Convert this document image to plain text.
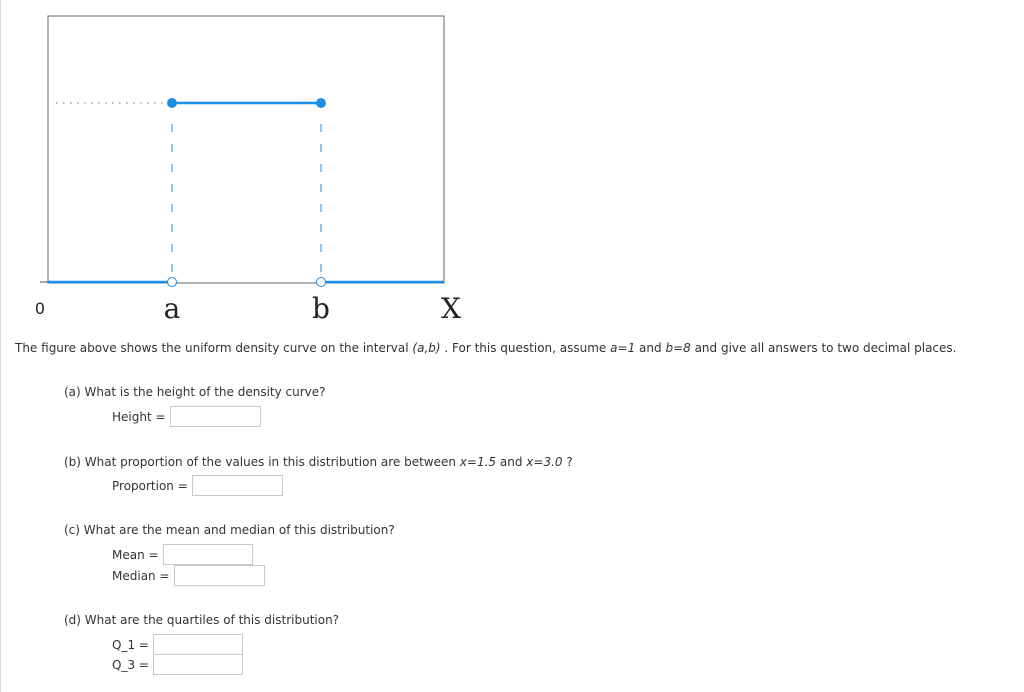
0	a	b	X

The figure above shows the uniform density curve on the interval (a,b) . For this question, assume a=1 and b=8 and give all answers to two decimal places.

(a) What is the height of the density curve?

Height =

(b) What proportion of the values in this distribution are between x=1.5 and x=3.0 ?

Proportion =

(c) What are the mean and median of this distribution?

Mean =
Median =

(d) What are the quartiles of this distribution?

Q_1 =
Q_3 =
